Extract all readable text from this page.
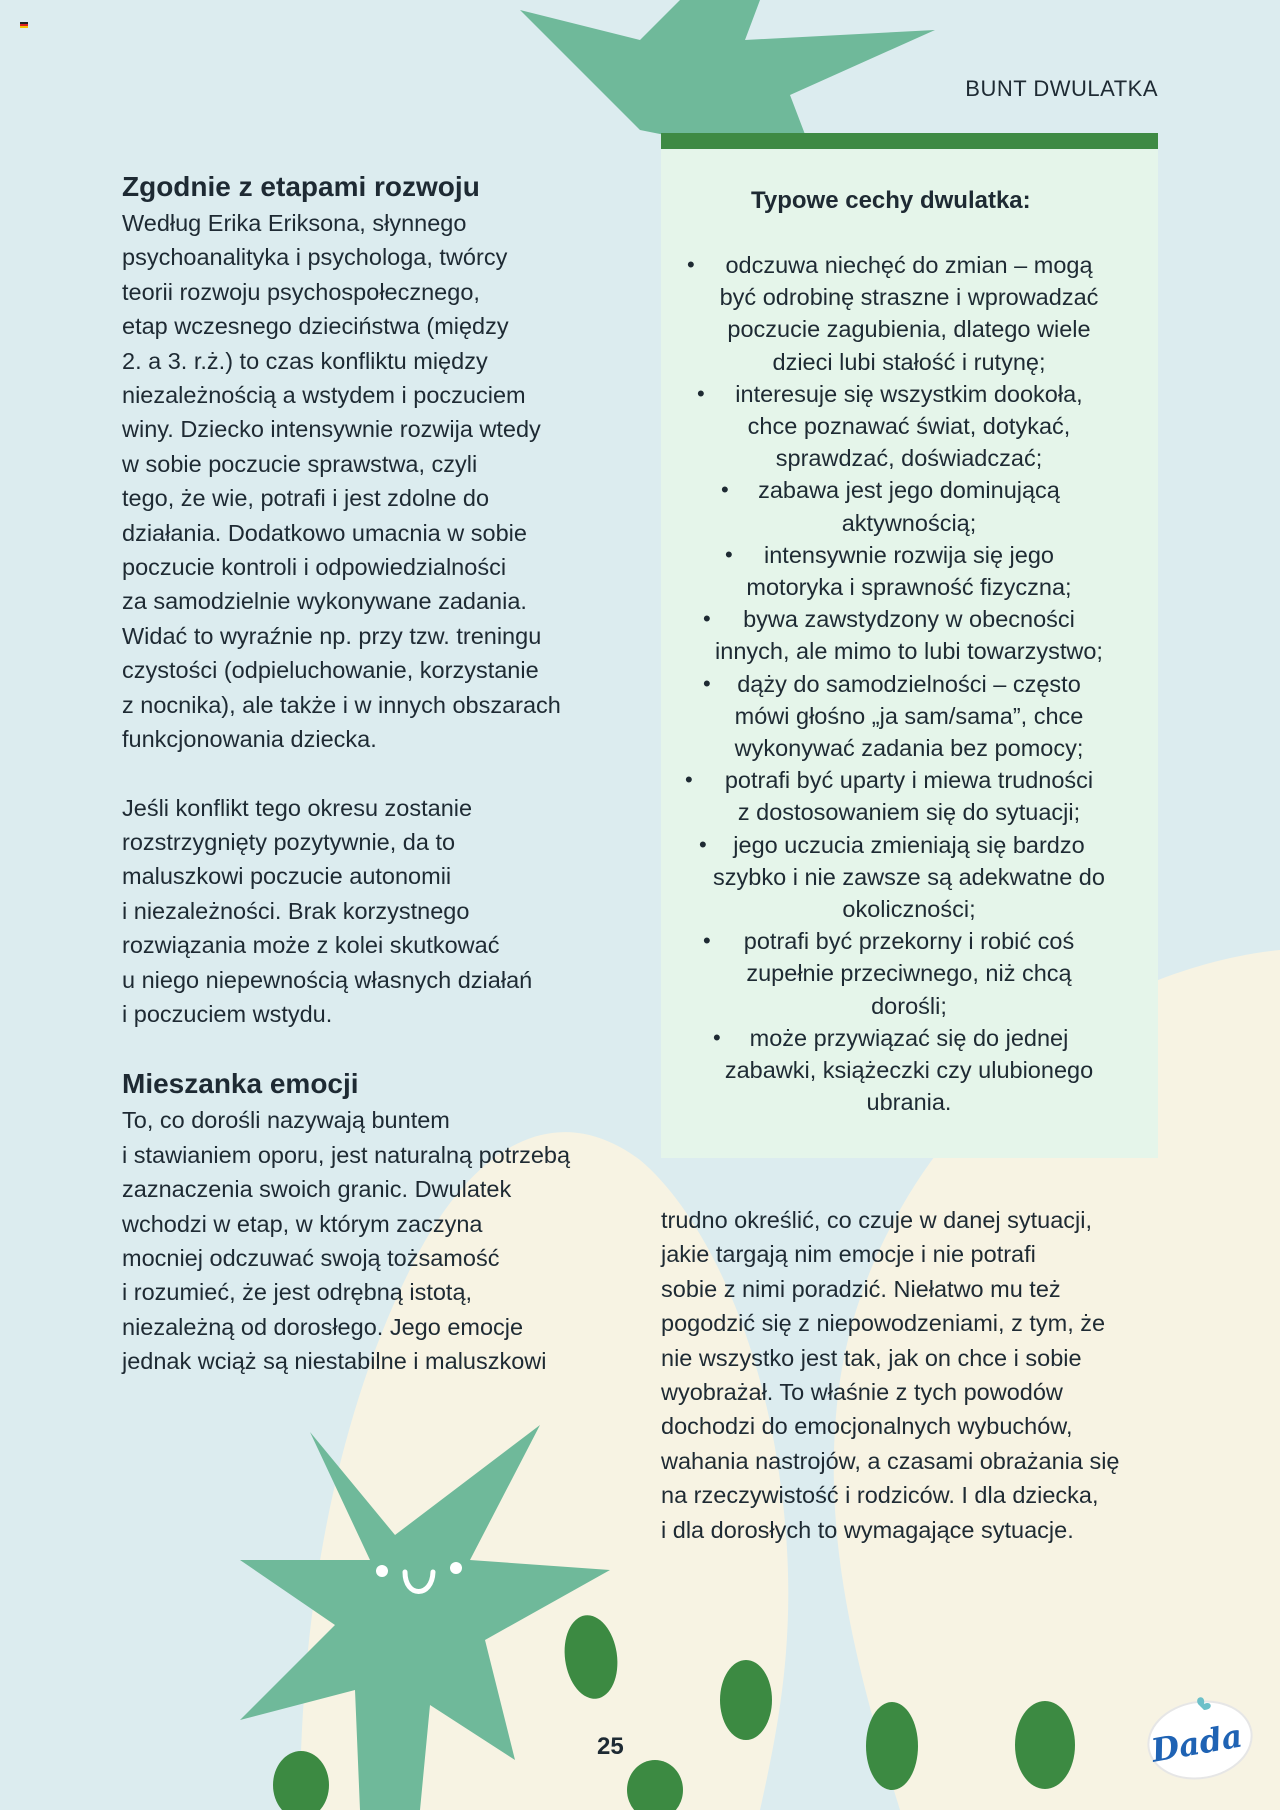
BUNT DWULATKA
Zgodnie z etapami rozwoju

Według Erika Eriksona, słynnego
psychoanalityka i psychologa, twórcy
teorii rozwoju psychospołecznego,
etap wczesnego dzieciństwa (między
2. a 3. r.ż.) to czas konfliktu między
niezależnością a wstydem i poczuciem
winy. Dziecko intensywnie rozwija wtedy
w sobie poczucie sprawstwa, czyli
tego, że wie, potrafi i jest zdolne do
działania. Dodatkowo umacnia w sobie
poczucie kontroli i odpowiedzialności
za samodzielnie wykonywane zadania.
Widać to wyraźnie np. przy tzw. treningu
czystości (odpieluchowanie, korzystanie
z nocnika), ale także i w innych obszarach
funkcjonowania dziecka.

Jeśli konflikt tego okresu zostanie
rozstrzygnięty pozytywnie, da to
maluszkowi poczucie autonomii
i niezależności. Brak korzystnego
rozwiązania może z kolei skutkować
u niego niepewnością własnych działań
i poczuciem wstydu.

Mieszanka emocji

To, co dorośli nazywają buntem
i stawianiem oporu, jest naturalną potrzebą
zaznaczenia swoich granic. Dwulatek
wchodzi w etap, w którym zaczyna
mocniej odczuwać swoją tożsamość
i rozumieć, że jest odrębną istotą,
niezależną od dorosłego. Jego emocje
jednak wciąż są niestabilne i maluszkowi

Typowe cechy dwulatka:
• odczuwa niechęć do zmian – mogą
być odrobinę straszne i wprowadzać
poczucie zagubienia, dlatego wiele
dzieci lubi stałość i rutynę;
• interesuje się wszystkim dookoła,
chce poznawać świat, dotykać,
sprawdzać, doświadczać;
• zabawa jest jego dominującą
aktywnością;
• intensywnie rozwija się jego
motoryka i sprawność fizyczna;
• bywa zawstydzony w obecności
innych, ale mimo to lubi towarzystwo;
• dąży do samodzielności – często
mówi głośno „ja sam/sama”, chce
wykonywać zadania bez pomocy;
• potrafi być uparty i miewa trudności
z dostosowaniem się do sytuacji;
• jego uczucia zmieniają się bardzo
szybko i nie zawsze są adekwatne do
okoliczności;
• potrafi być przekorny i robić coś
zupełnie przeciwnego, niż chcą
dorośli;
• może przywiązać się do jednej
zabawki, książeczki czy ulubionego
ubrania.

trudno określić, co czuje w danej sytuacji,
jakie targają nim emocje i nie potrafi
sobie z nimi poradzić. Niełatwo mu też
pogodzić się z niepowodzeniami, z tym, że
nie wszystko jest tak, jak on chce i sobie
wyobrażał. To właśnie z tych powodów
dochodzi do emocjonalnych wybuchów,
wahania nastrojów, a czasami obrażania się
na rzeczywistość i rodziców. I dla dziecka,
i dla dorosłych to wymagające sytuacje.

25	Dada
